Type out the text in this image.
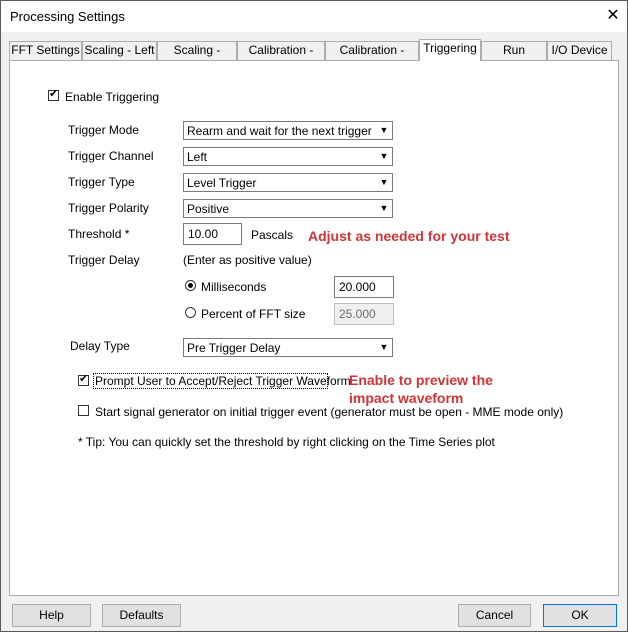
Processing Settings	✕
FFT Settings Scaling - Left	Scaling -	Calibration -	Calibration -	Triggering	Run	I/O Device
✔ Enable Triggering
Trigger Mode	Rearm and wait for the next trigger ▼
Trigger Channel	Left	▼
Trigger Type	Level Trigger	▼
Trigger Polarity	Positive	▼
Threshold *	10.00	Pascals Adjust as needed for your test
Trigger Delay	(Enter as positive value)
Milliseconds	20.000
Percent of FFT size	25.000
Delay Type	Pre Trigger Delay	▼
✔ Prompt User to Accept/Reject Trigger Waveform
Enable to preview the
impact waveform
Start signal generator on initial trigger event (generator must be open - MME mode only)
* Tip: You can quickly set the threshold by right clicking on the Time Series plot
Help	Defaults	Cancel	OK
